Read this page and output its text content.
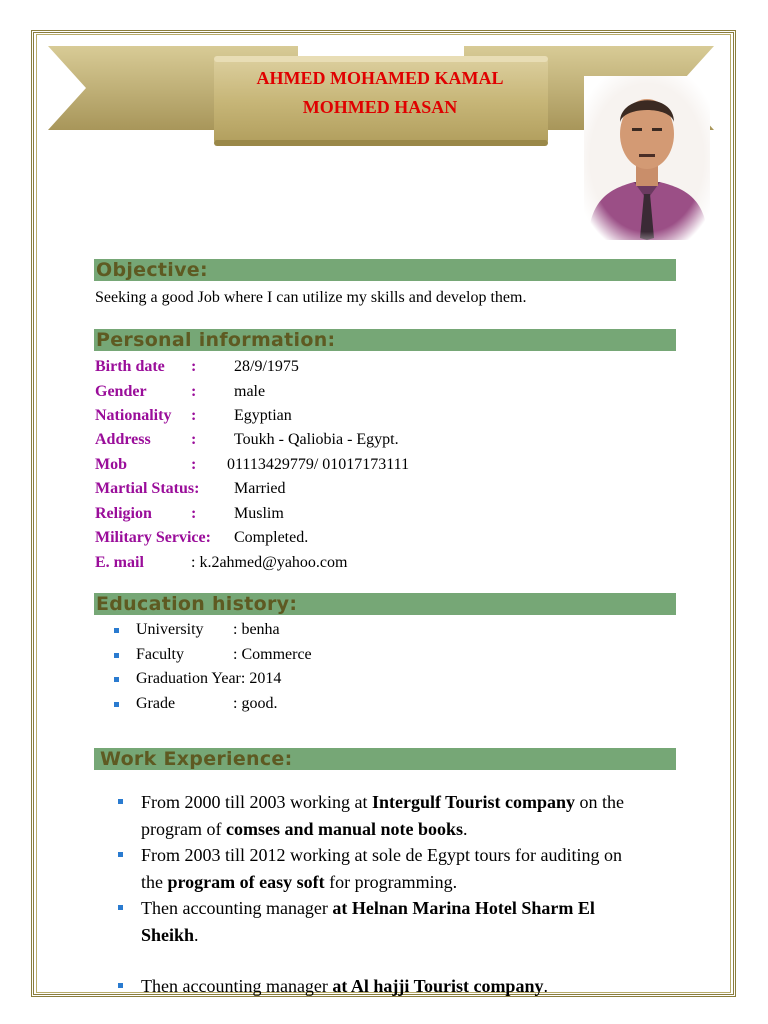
AHMED MOHAMED KAMAL
MOHMED HASAN
Objective:
Seeking a good Job where I can utilize my skills and develop them.
Personal information:
Birth date : 28/9/1975
Gender	: male
Nationality : Egyptian
Address	: Toukh - Qaliobia - Egypt.
Mob	: 01113429779/ 01017173111
Martial Status: Married
Religion : Muslim
Military Service: Completed.
E. mail	: k.2ahmed@yahoo.com
Education history:
University : benha
Faculty	: Commerce
Graduation Year: 2014
Grade	: good.
Work Experience:
From 2000 till 2003 working at Intergulf Tourist company on the
program of comses and manual note books.
From 2003 till 2012 working at sole de Egypt tours for auditing on
the program of easy soft for programming.
Then accounting manager at Helnan Marina Hotel Sharm El
Sheikh.
Then accounting manager at Al hajji Tourist company.
